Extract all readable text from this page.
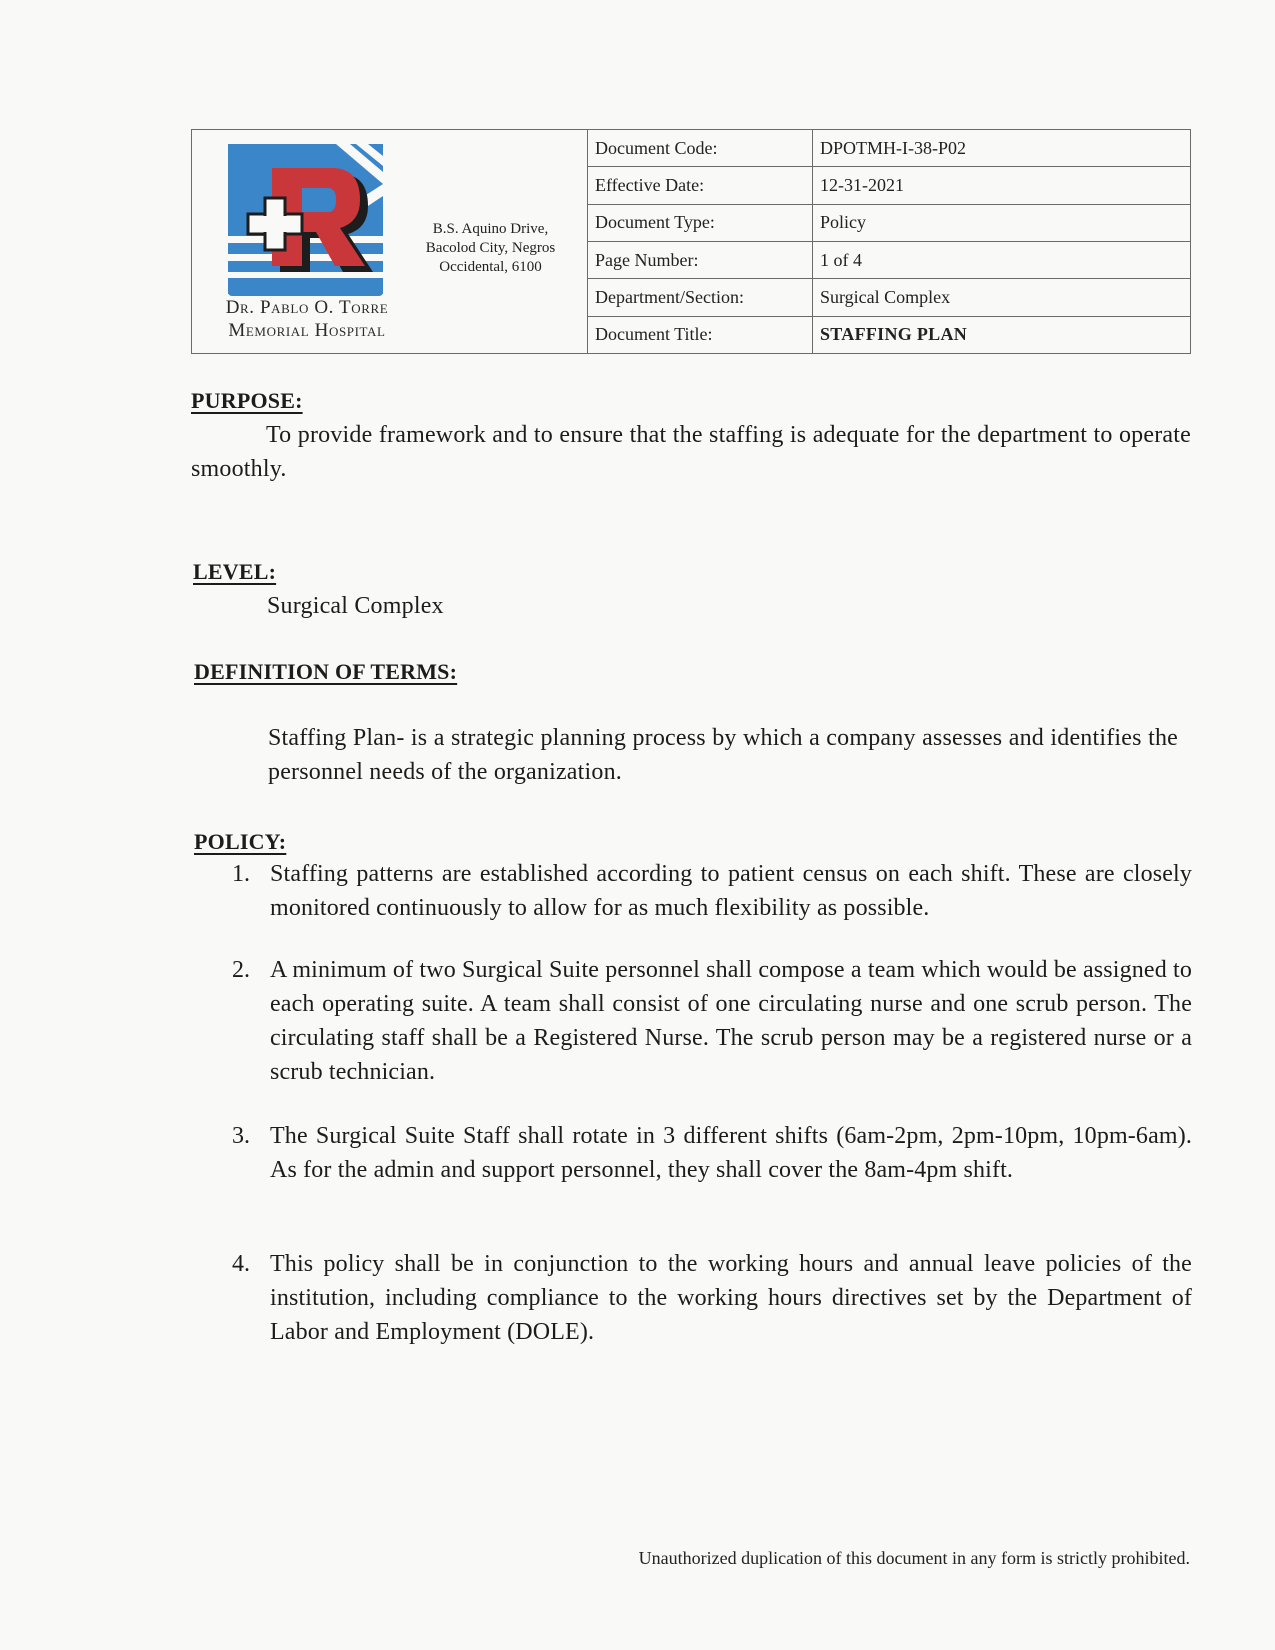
Dr. Pablo O. Torre
Memorial Hospital
B.S. Aquino Drive, Bacolod City, Negros Occidental, 6100
Document Code:	DPOTMH-I-38-P02
Effective Date:	12-31-2021
Document Type:	Policy
Page Number:	1 of 4
Department/Section:	Surgical Complex
Document Title:	STAFFING PLAN
PURPOSE:
To provide framework and to ensure that the staffing is adequate for the department to operate smoothly.
LEVEL:
Surgical Complex
DEFINITION OF TERMS:
Staffing Plan- is a strategic planning process by which a company assesses and identifies the personnel needs of the organization.
POLICY:
1. Staffing patterns are established according to patient census on each shift. These are closely monitored continuously to allow for as much flexibility as possible.
2. A minimum of two Surgical Suite personnel shall compose a team which would be assigned to each operating suite. A team shall consist of one circulating nurse and one scrub person. The circulating staff shall be a Registered Nurse. The scrub person may be a registered nurse or a scrub technician.
3. The Surgical Suite Staff shall rotate in 3 different shifts (6am-2pm, 2pm-10pm, 10pm-6am). As for the admin and support personnel, they shall cover the 8am-4pm shift.
4. This policy shall be in conjunction to the working hours and annual leave policies of the institution, including compliance to the working hours directives set by the Department of Labor and Employment (DOLE).
Unauthorized duplication of this document in any form is strictly prohibited.
